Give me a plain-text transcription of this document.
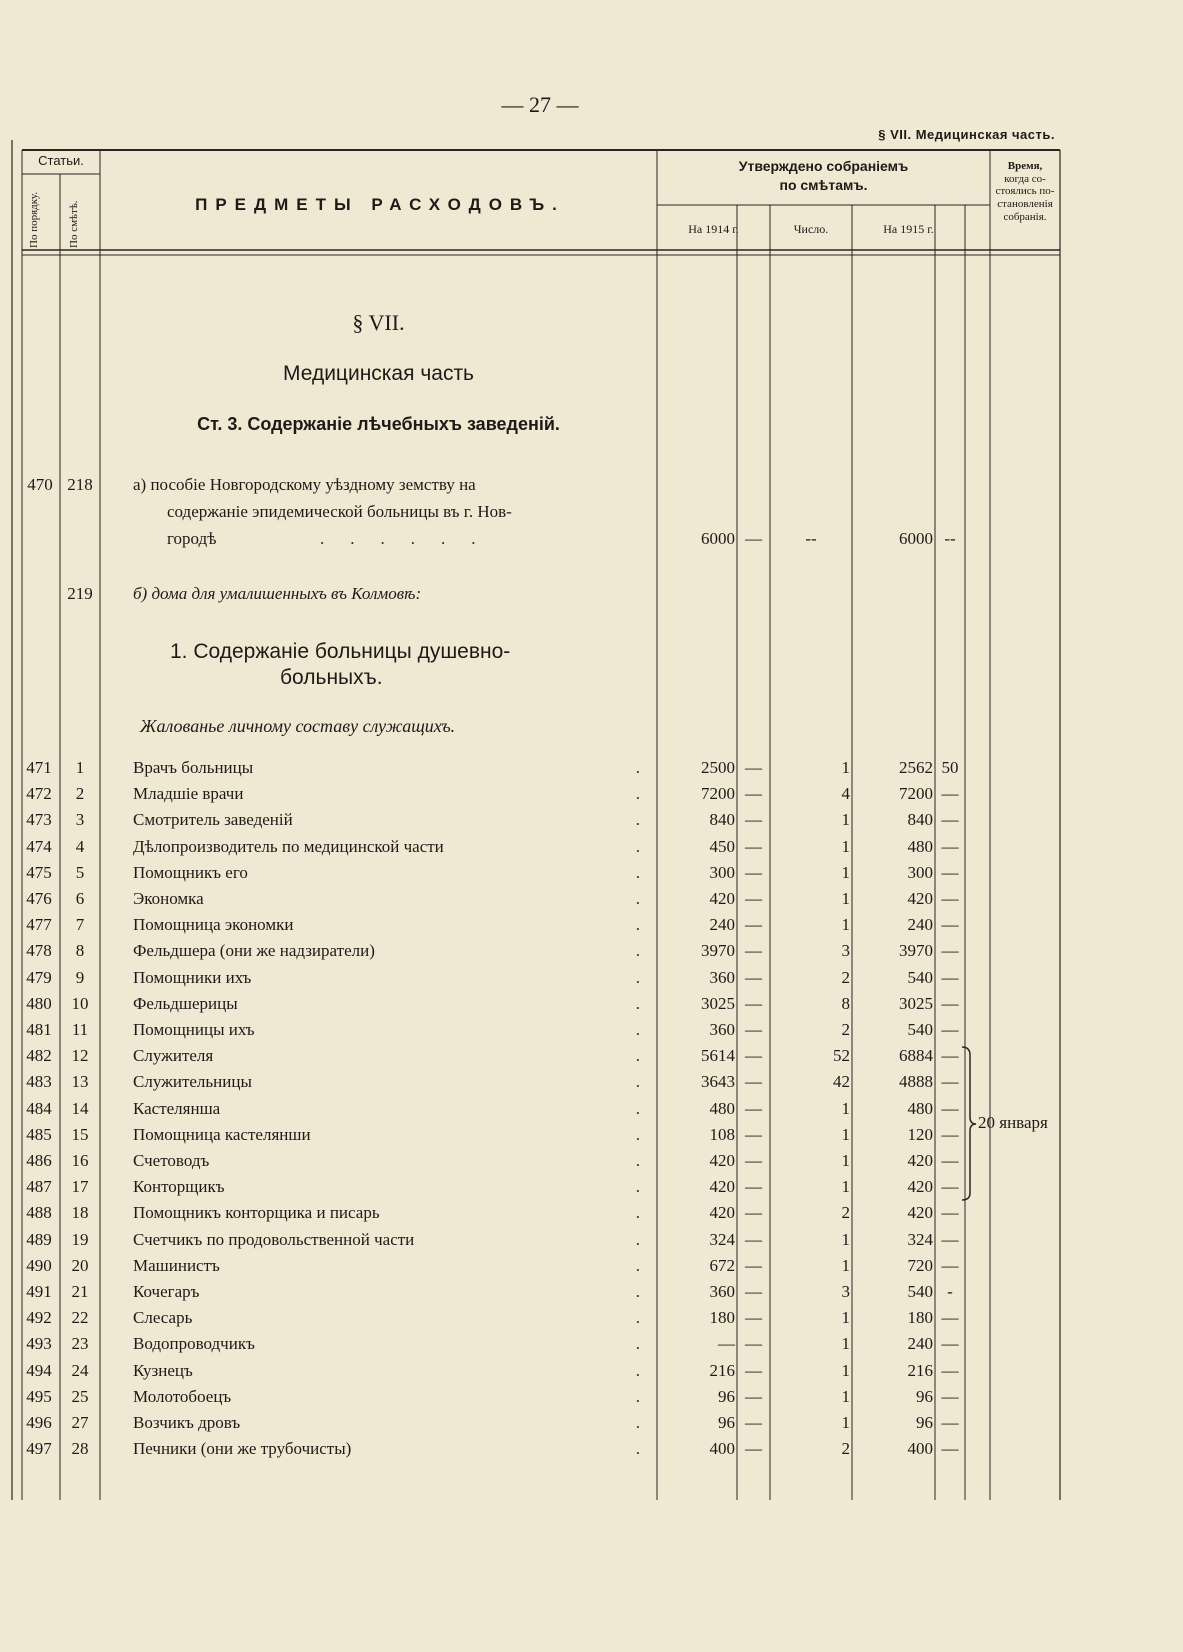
— 27 —
§ VII. Медицинская часть.
Статьи.
По порядку.	По смѣтѣ.	ПРЕДМЕТЫ РАСХОДОВЪ.
Утверждено собраніемъ
по смѣтамъ.
На 1914 г.	Число.	На 1915 г.
Время,
когда со-
стоялись по-
становленія
собранія.
§ VII.
Медицинская часть
Ст. 3. Содержаніе лѣчебныхъ заведеній.
470 218	а) пособіе Новгородскому уѣздному земству на
содержаніе эпидемической больницы въ г. Нов-
городѣ	......	6000 —	--	6000 --
219	б) дома для умалишенныхъ въ Колмовѣ:
1. Содержаніе больницы душевно-
больныхъ.
Жалованье личному составу служащихъ.
471	1	Врачъ больницы	.	2500 —	1	2562 50
472	2	Младшіе врачи	.	7200 —	4	7200 —
473	3	Смотритель заведеній	.	840 —	1	840 —
474	4	Дѣлопроизводитель по медицинской части	.	450 —	1	480 —
475	5	Помощникъ его	.	300 —	1	300 —
476	6	Экономка	.	420 —	1	420 —
477	7	Помощница экономки	.	240 —	1	240 —
478	8	Фельдшера (они же надзиратели)	.	3970 —	3	3970 —
479	9	Помощники ихъ	.	360 —	2	540 —
480	10	Фельдшерицы	.	3025 —	8	3025 —
481	11	Помощницы ихъ	.	360 —	2	540 —
482	12	Служителя	.	5614 —	52	6884 —
483	13	Служительницы	.	3643 —	42	4888 —
484	14	Кастелянша	.	480 —	1	480 —
485	15	Помощница кастелянши	.	108 —	1	120 —
486	16	Счетоводъ	.	420 —	1	420 —
487	17	Конторщикъ	.	420 —	1	420 —
488	18	Помощникъ конторщика и писарь	.	420 —	2	420 —
489	19	Счетчикъ по продовольственной части	.	324 —	1	324 —
490	20	Машинистъ	.	672 —	1	720 —
491	21	Кочегаръ	.	360 —	3	540 -
492	22	Слесарь	.	180 —	1	180 —
493	23	Водопроводчикъ	.	— —	1	240 —
494	24	Кузнецъ	.	216 —	1	216 —
495	25	Молотобоецъ	.	96 —	1	96 —
496	27	Возчикъ дровъ	.	96 —	1	96 —
497	28	Печники (они же трубочисты)	.	400 —	2	400 —
20 января
